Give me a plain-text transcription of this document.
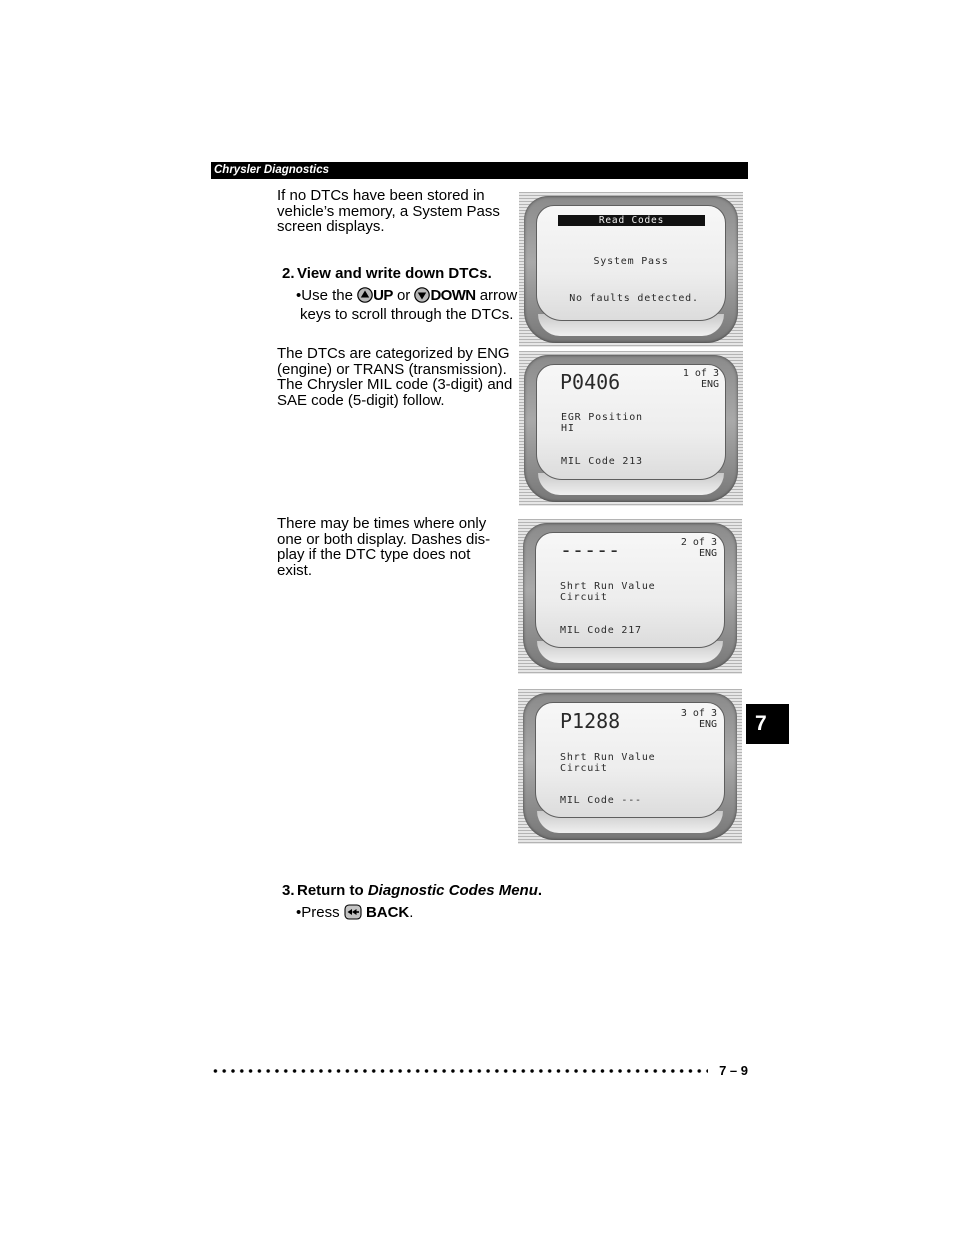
Chrysler Diagnostics
If no DTCs have been stored in
vehicle’s memory, a System Pass
screen displays.
2. View and write down DTCs.
•Use the UP or DOWN arrow
keys to scroll through the DTCs.
The DTCs are categorized by ENG
(engine) or TRANS (transmission).
The Chrysler MIL code (3-digit) and
SAE code (5-digit) follow.
There may be times where only
one or both display. Dashes dis-
play if the DTC type does not
exist.
Read Codes
System Pass
No faults detected.
P0406	1 of 3
ENG
EGR Position
HI
MIL Code 213
-----	2 of 3
ENG
Shrt Run Value
Circuit
MIL Code 217
P1288	3 of 3
ENG
Shrt Run Value
Circuit
MIL Code ---
7
3. Return to Diagnostic Codes Menu.
•Press BACK.
7 – 9
